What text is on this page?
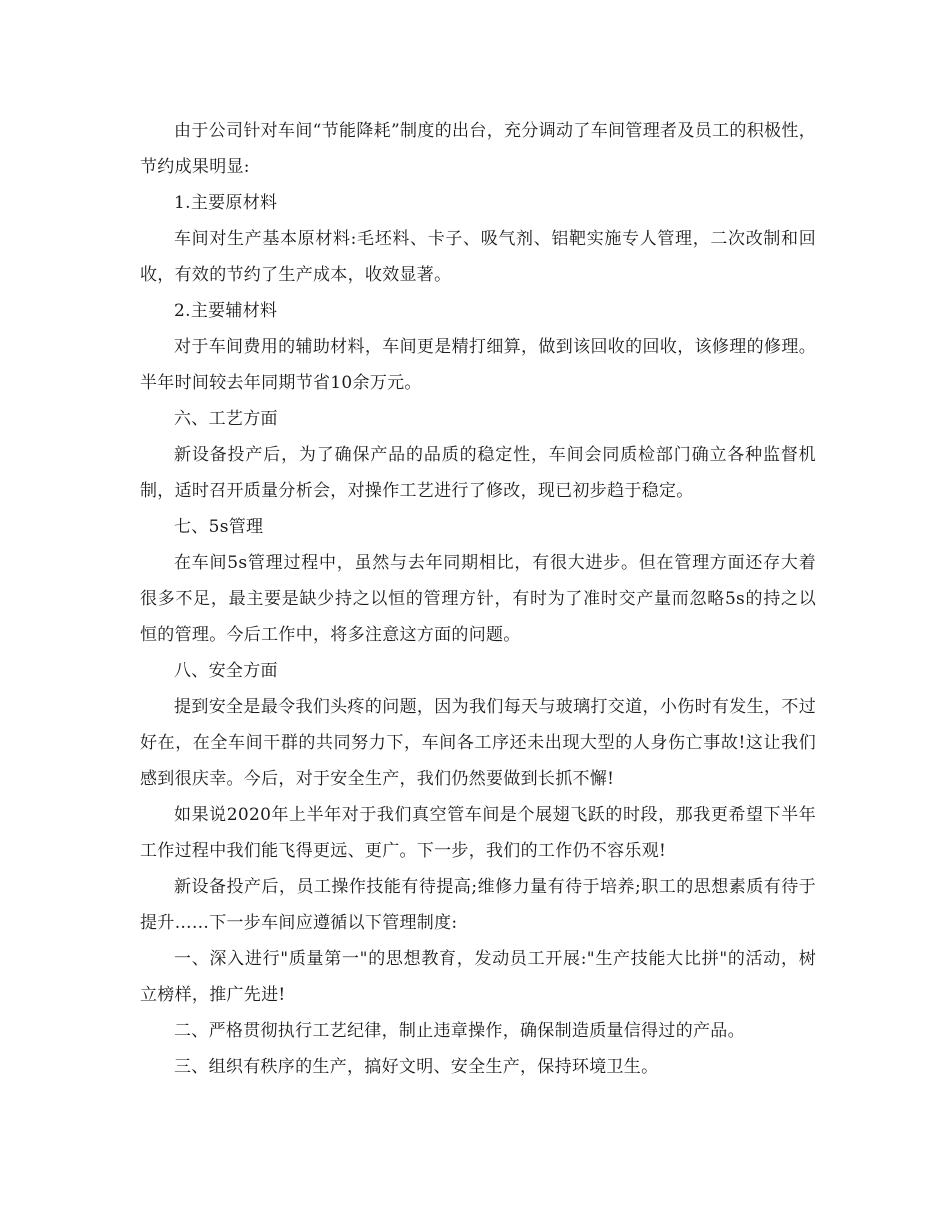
由于公司针对车间“节能降耗”制度的出台，充分调动了车间管理者及员工的积极性，节约成果明显:

1.主要原材料

车间对生产基本原材料:毛坯料、卡子、吸气剂、铝靶实施专人管理，二次改制和回收，有效的节约了生产成本，收效显著。

2.主要辅材料

对于车间费用的辅助材料，车间更是精打细算，做到该回收的回收，该修理的修理。半年时间较去年同期节省10余万元。

六、工艺方面

新设备投产后，为了确保产品的品质的稳定性，车间会同质检部门确立各种监督机制，适时召开质量分析会，对操作工艺进行了修改，现已初步趋于稳定。

七、5s管理

在车间5s管理过程中，虽然与去年同期相比，有很大进步。但在管理方面还存大着很多不足，最主要是缺少持之以恒的管理方针，有时为了准时交产量而忽略5s的持之以恒的管理。今后工作中，将多注意这方面的问题。

八、安全方面

提到安全是最令我们头疼的问题，因为我们每天与玻璃打交道，小伤时有发生，不过好在，在全车间干群的共同努力下，车间各工序还未出现大型的人身伤亡事故!这让我们感到很庆幸。今后，对于安全生产，我们仍然要做到长抓不懈!

如果说2020年上半年对于我们真空管车间是个展翅飞跃的时段，那我更希望下半年工作过程中我们能飞得更远、更广。下一步，我们的工作仍不容乐观!

新设备投产后，员工操作技能有待提高;维修力量有待于培养;职工的思想素质有待于提升……下一步车间应遵循以下管理制度:

一、深入进行"质量第一"的思想教育，发动员工开展:"生产技能大比拼"的活动，树立榜样，推广先进!

二、严格贯彻执行工艺纪律，制止违章操作，确保制造质量信得过的产品。

三、组织有秩序的生产，搞好文明、安全生产，保持环境卫生。
